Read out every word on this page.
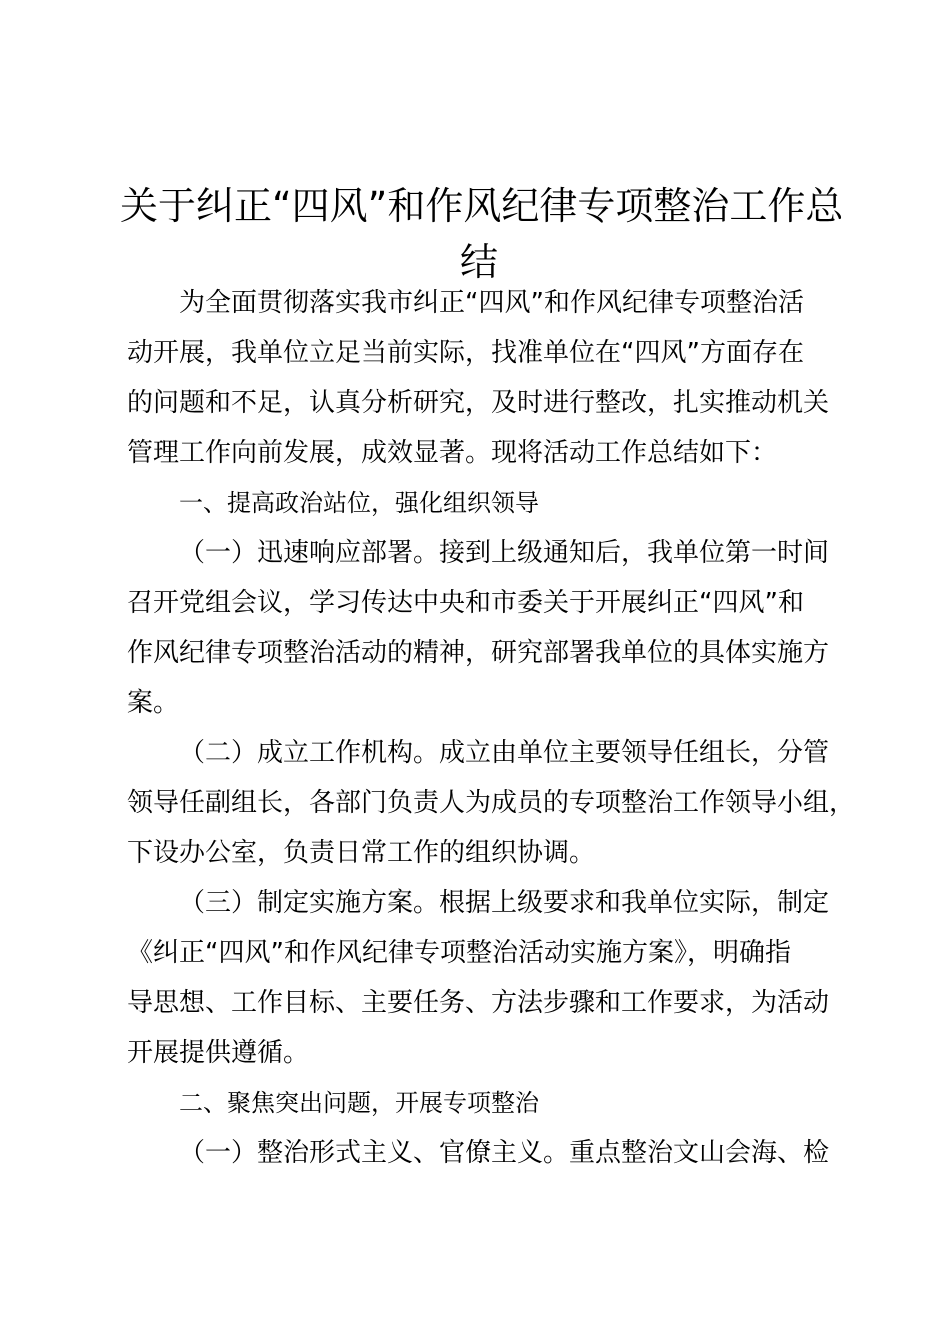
关于纠正“四风”和作风纪律专项整治工作总
结
为全面贯彻落实我市纠正“四风”和作风纪律专项整治活
动开展，我单位立足当前实际，找准单位在“四风”方面存在
的问题和不足，认真分析研究，及时进行整改，扎实推动机关
管理工作向前发展，成效显著。现将活动工作总结如下：
一、提高政治站位，强化组织领导
（一）迅速响应部署。接到上级通知后，我单位第一时间
召开党组会议，学习传达中央和市委关于开展纠正“四风”和
作风纪律专项整治活动的精神，研究部署我单位的具体实施方
案。
（二）成立工作机构。成立由单位主要领导任组长，分管
领导任副组长，各部门负责人为成员的专项整治工作领导小组，
下设办公室，负责日常工作的组织协调。
（三）制定实施方案。根据上级要求和我单位实际，制定
《纠正“四风”和作风纪律专项整治活动实施方案》，明确指
导思想、工作目标、主要任务、方法步骤和工作要求，为活动
开展提供遵循。
二、聚焦突出问题，开展专项整治
（一）整治形式主义、官僚主义。重点整治文山会海、检
